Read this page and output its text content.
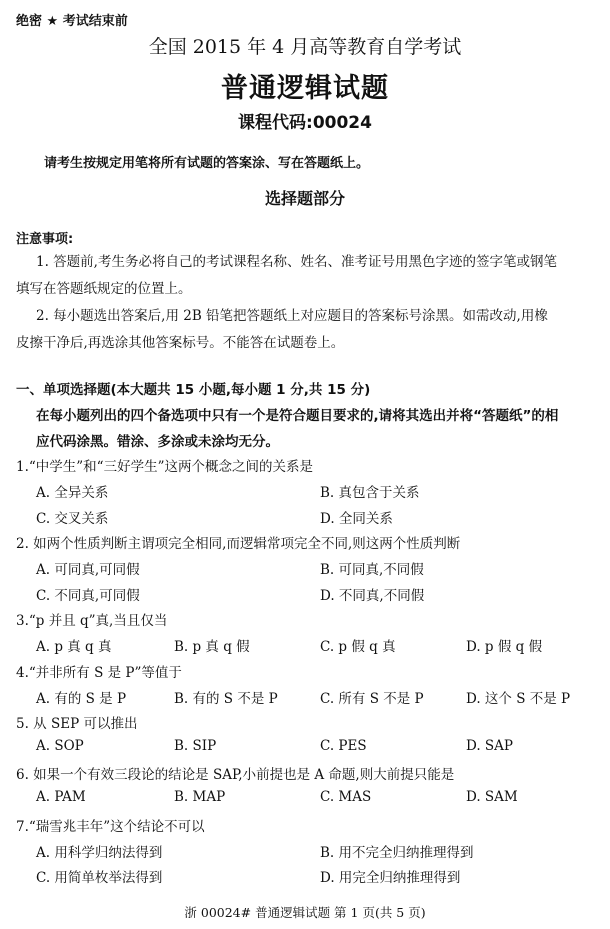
绝密 ★ 考试结束前
全国 2015 年 4 月高等教育自学考试
普通逻辑试题
课程代码:00024
请考生按规定用笔将所有试题的答案涂、写在答题纸上。
选择题部分
注意事项:
1. 答题前,考生务必将自己的考试课程名称、姓名、准考证号用黑色字迹的签字笔或钢笔
填写在答题纸规定的位置上。
2. 每小题选出答案后,用 2B 铅笔把答题纸上对应题目的答案标号涂黑。如需改动,用橡
皮擦干净后,再选涂其他答案标号。不能答在试题卷上。
一、单项选择题(本大题共 15 小题,每小题 1 分,共 15 分)
在每小题列出的四个备选项中只有一个是符合题目要求的,请将其选出并将“答题纸”的相
应代码涂黑。错涂、多涂或未涂均无分。
1.“中学生”和“三好学生”这两个概念之间的关系是
A. 全异关系	B. 真包含于关系
C. 交叉关系	D. 全同关系
2. 如两个性质判断主谓项完全相同,而逻辑常项完全不同,则这两个性质判断
A. 可同真,可同假	B. 可同真,不同假
C. 不同真,可同假	D. 不同真,不同假
3.“p 并且 q”真,当且仅当
A. p 真 q 真	B. p 真 q 假	C. p 假 q 真	D. p 假 q 假
4.“并非所有 S 是 P”等值于
A. 有的 S 是 P	B. 有的 S 不是 P	C. 所有 S 不是 P	D. 这个 S 不是 P
5. 从 SEP 可以推出
A. SOP	B. SIP	C. PES	D. SAP
6. 如果一个有效三段论的结论是 SAP,小前提也是 A 命题,则大前提只能是
A. PAM	B. MAP	C. MAS	D. SAM
7.“瑞雪兆丰年”这个结论不可以
A. 用科学归纳法得到	B. 用不完全归纳推理得到
C. 用简单枚举法得到	D. 用完全归纳推理得到
浙 00024# 普通逻辑试题 第 1 页(共 5 页)
